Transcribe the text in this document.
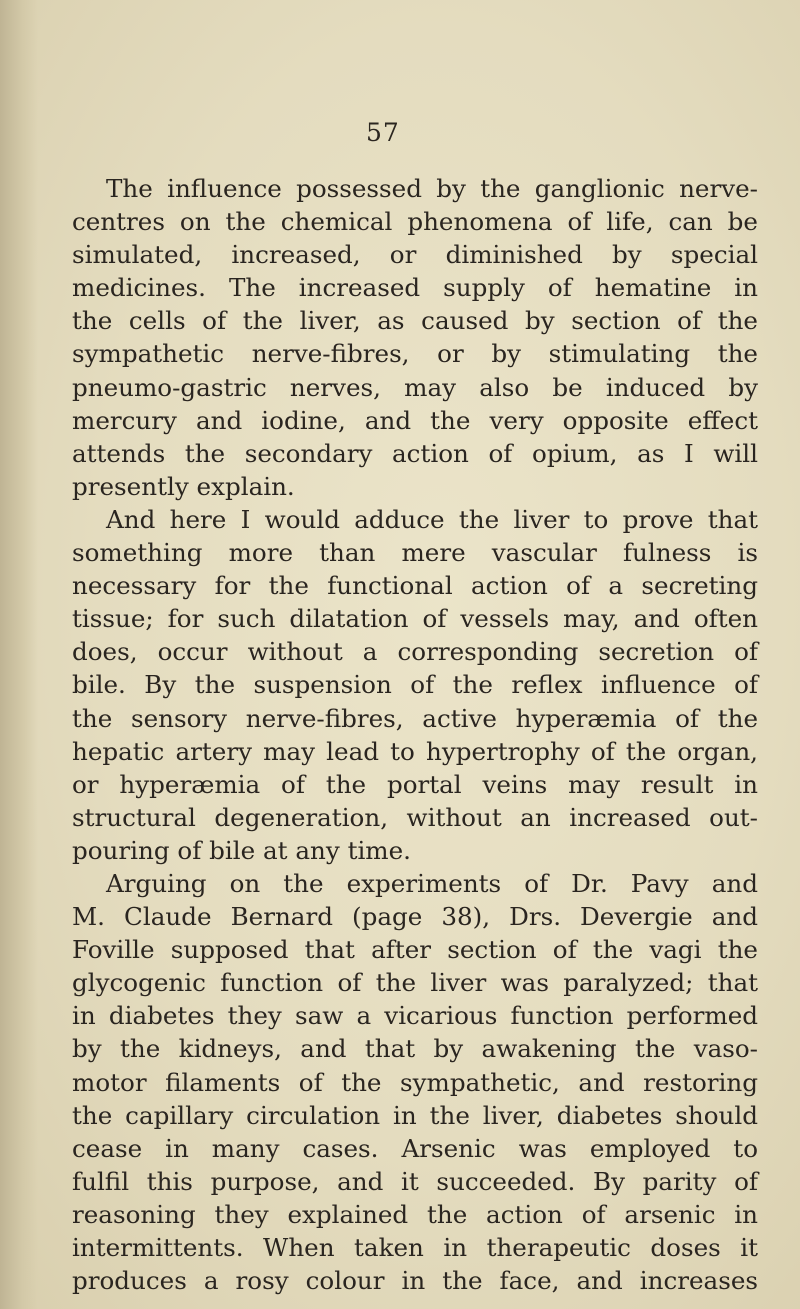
57
The influence possessed by the ganglionic nerve-
centres on the chemical phenomena of life, can be
simulated, increased, or diminished by special
medicines. The increased supply of hematine in
the cells of the liver, as caused by section of the
sympathetic nerve-fibres, or by stimulating the
pneumo-gastric nerves, may also be induced by
mercury and iodine, and the very opposite effect
attends the secondary action of opium, as I will
presently explain.
And here I would adduce the liver to prove that
something more than mere vascular fulness is
necessary for the functional action of a secreting
tissue; for such dilatation of vessels may, and often
does, occur without a corresponding secretion of
bile. By the suspension of the reflex influence of
the sensory nerve-fibres, active hyperæmia of the
hepatic artery may lead to hypertrophy of the organ,
or hyperæmia of the portal veins may result in
structural degeneration, without an increased out-
pouring of bile at any time.
Arguing on the experiments of Dr. Pavy and
M. Claude Bernard (page 38), Drs. Devergie and
Foville supposed that after section of the vagi the
glycogenic function of the liver was paralyzed; that
in diabetes they saw a vicarious function performed
by the kidneys, and that by awakening the vaso-
motor filaments of the sympathetic, and restoring
the capillary circulation in the liver, diabetes should
cease in many cases. Arsenic was employed to
fulfil this purpose, and it succeeded. By parity of
reasoning they explained the action of arsenic in
intermittents. When taken in therapeutic doses it
produces a rosy colour in the face, and increases
